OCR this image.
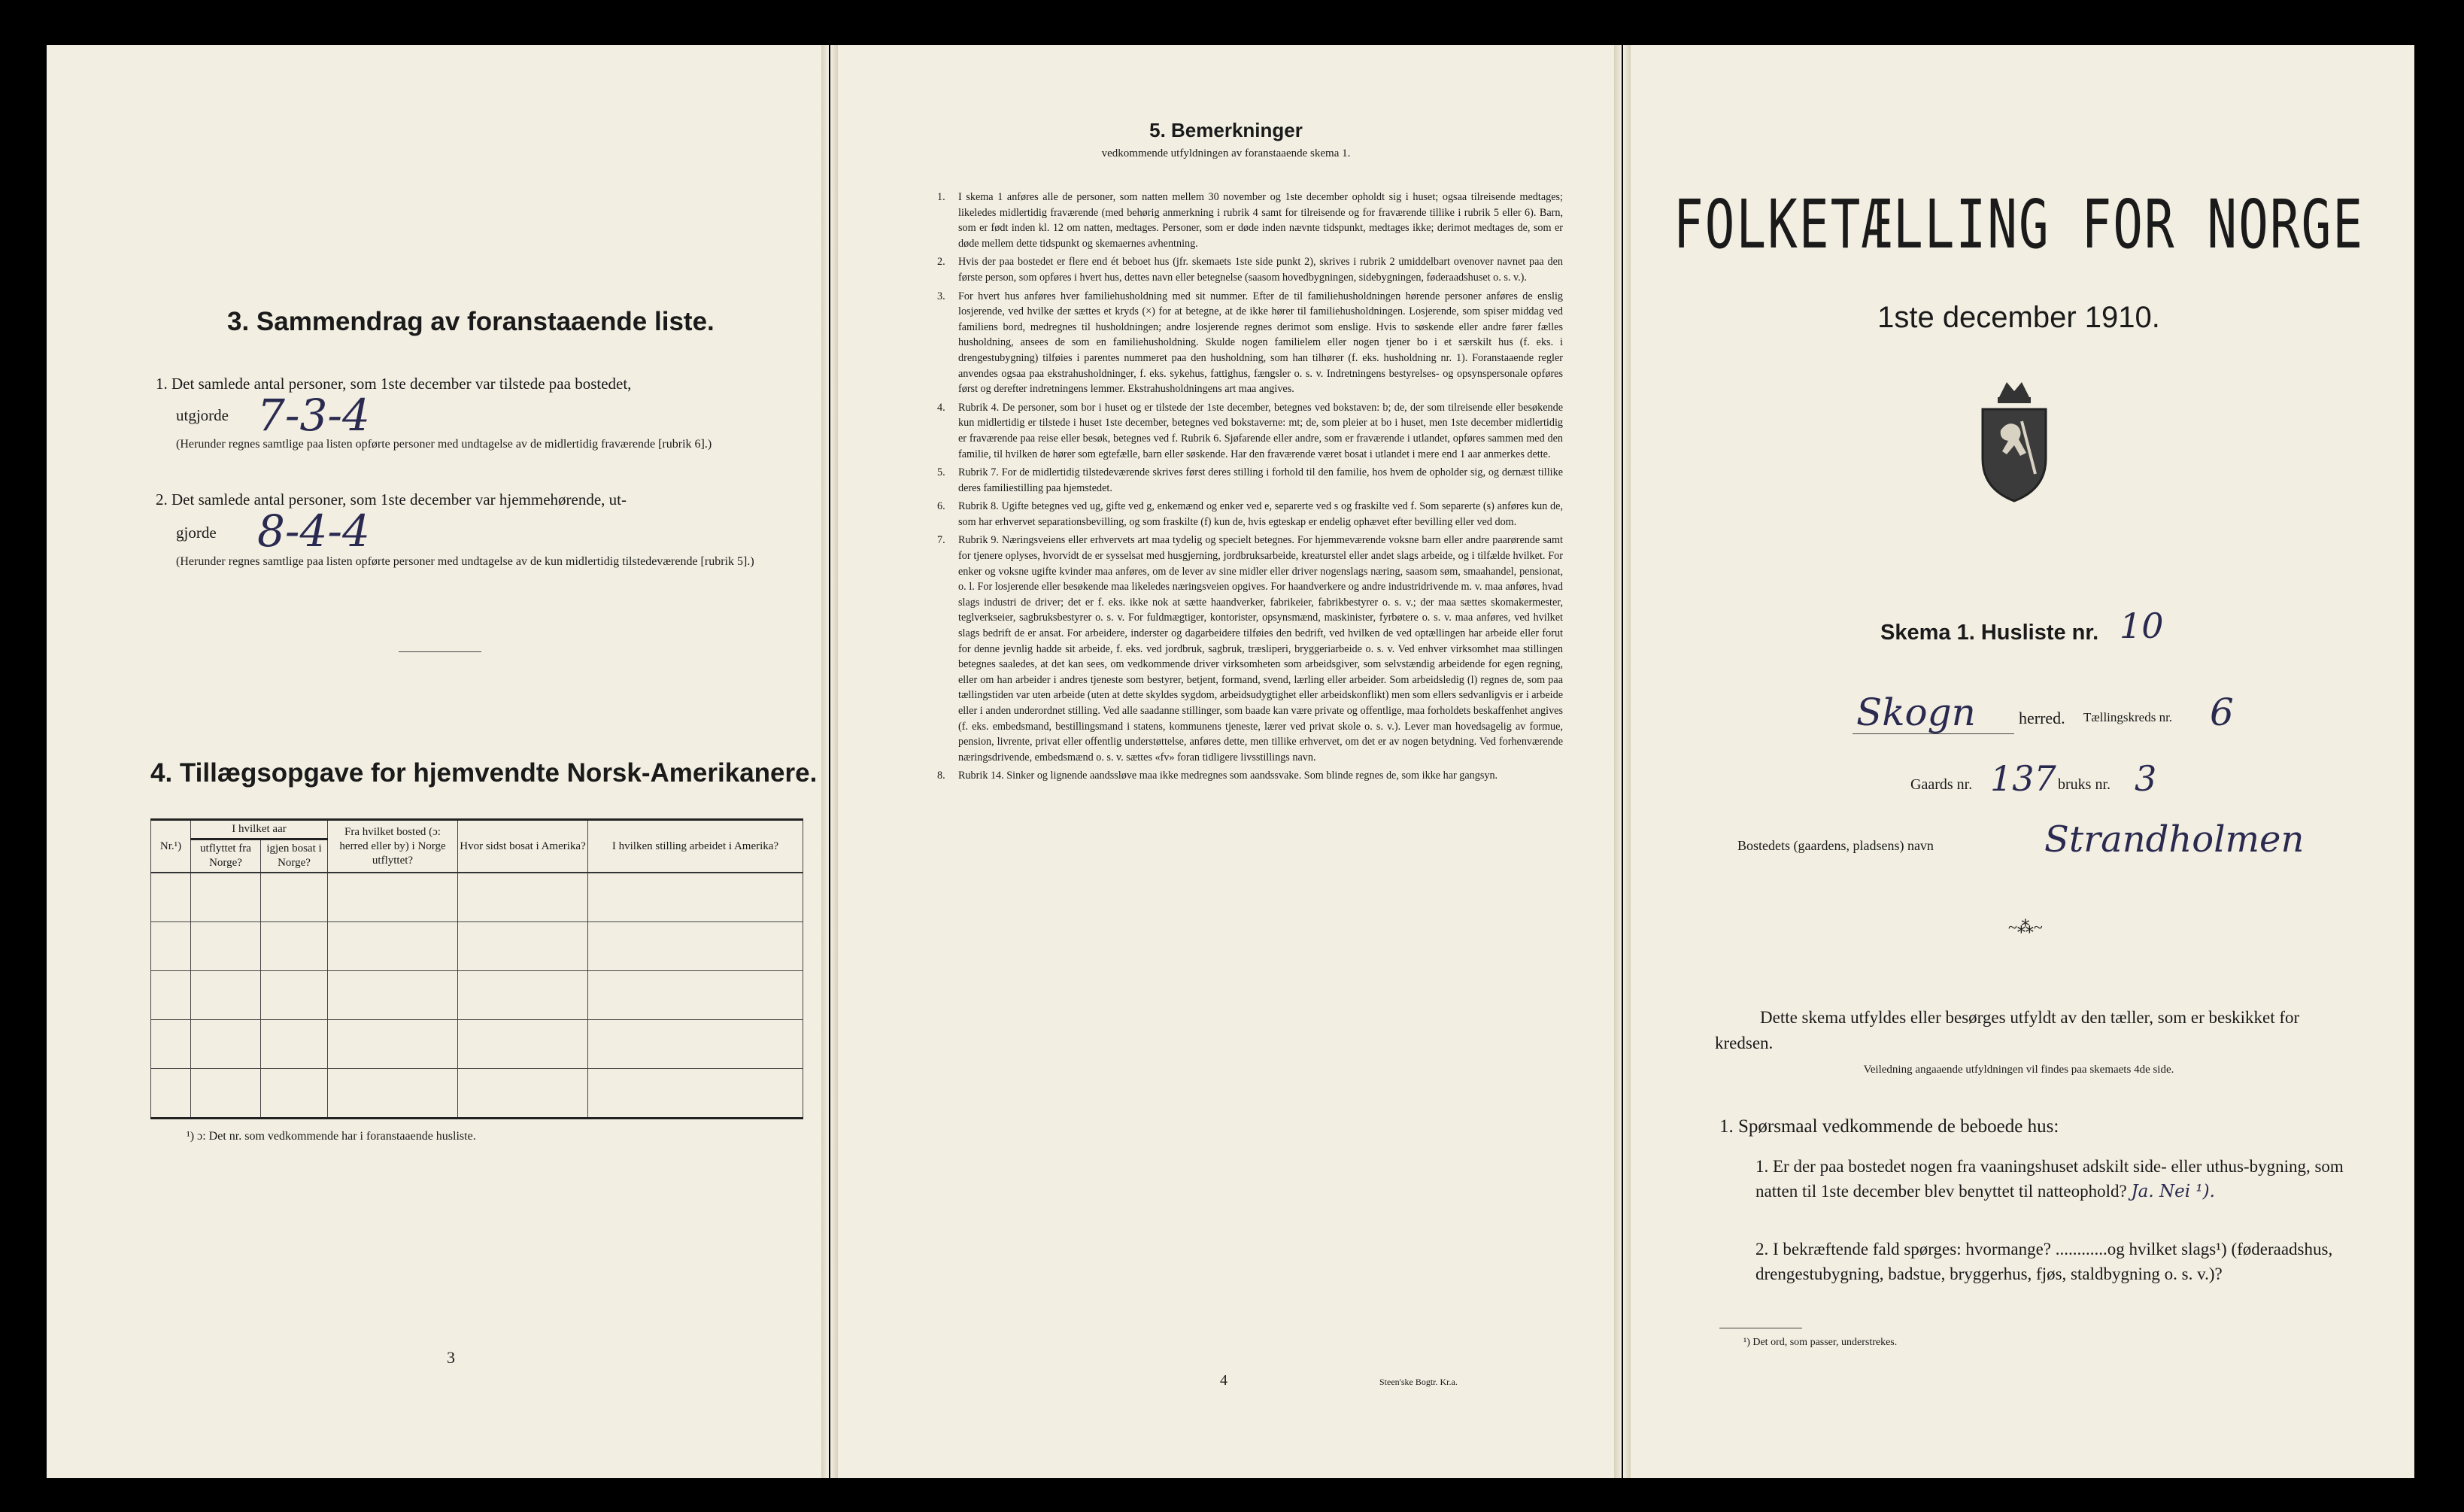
3. Sammendrag av foranstaaende liste.
1. Det samlede antal personer, som 1ste december var tilstede paa bostedet,
utgjorde 7-3-4
(Herunder regnes samtlige paa listen opførte personer med undtagelse av de midlertidig fraværende [rubrik 6].)
2. Det samlede antal personer, som 1ste december var hjemmehørende, ut-
gjorde 8-4-4
(Herunder regnes samtlige paa listen opførte personer med undtagelse av de kun midlertidig tilstedeværende [rubrik 5].)
4. Tillægsopgave for hjemvendte Norsk-Amerikanere.
Nr.¹)	I hvilket aar		Fra hvilket bosted (ɔ: herred eller by) i Norge utflyttet?	Hvor sidst bosat i Amerika?	I hvilken stilling arbeidet i Amerika?
	utflyttet fra Norge?	igjen bosat i Norge?			

¹) ɔ: Det nr. som vedkommende har i foranstaaende husliste.
3
5. Bemerkninger
vedkommende utfyldningen av foranstaaende skema 1.
1.	I skema 1 anføres alle de personer, som natten mellem 30 november og 1ste december opholdt sig i huset; ogsaa tilreisende medtages; likeledes midlertidig fraværende (med behørig anmerkning i rubrik 4 samt for tilreisende og for fraværende tillike i rubrik 5 eller 6). Barn, som er født inden kl. 12 om natten, medtages. Personer, som er døde inden nævnte tidspunkt, medtages ikke; derimot medtages de, som er døde mellem dette tidspunkt og skemaernes avhentning.
2.	Hvis der paa bostedet er flere end ét beboet hus (jfr. skemaets 1ste side punkt 2), skrives i rubrik 2 umiddelbart ovenover navnet paa den første person, som opføres i hvert hus, dettes navn eller betegnelse (saasom hovedbygningen, sidebygningen, føderaadshuset o. s. v.).
3.	For hvert hus anføres hver familiehusholdning med sit nummer. Efter de til familiehusholdningen hørende personer anføres de enslig losjerende, ved hvilke der sættes et kryds (×) for at betegne, at de ikke hører til familiehusholdningen. Losjerende, som spiser middag ved familiens bord, medregnes til husholdningen; andre losjerende regnes derimot som enslige. Hvis to søskende eller andre fører fælles husholdning, ansees de som en familiehusholdning. Skulde nogen familielem eller nogen tjener bo i et særskilt hus (f. eks. i drengestubygning) tilføies i parentes nummeret paa den husholdning, som han tilhører (f. eks. husholdning nr. 1). Foranstaaende regler anvendes ogsaa paa ekstrahusholdninger, f. eks. sykehus, fattighus, fængsler o. s. v. Indretningens bestyrelses- og opsynspersonale opføres først og derefter indretningens lemmer. Ekstrahusholdningens art maa angives.
4.	Rubrik 4. De personer, som bor i huset og er tilstede der 1ste december, betegnes ved bokstaven: b; de, der som tilreisende eller besøkende kun midlertidig er tilstede i huset 1ste december, betegnes ved bokstaverne: mt; de, som pleier at bo i huset, men 1ste december midlertidig er fraværende paa reise eller besøk, betegnes ved f. Rubrik 6. Sjøfarende eller andre, som er fraværende i utlandet, opføres sammen med den familie, til hvilken de hører som egtefælle, barn eller søskende. Har den fraværende været bosat i utlandet i mere end 1 aar anmerkes dette.
5.	Rubrik 7. For de midlertidig tilstedeværende skrives først deres stilling i forhold til den familie, hos hvem de opholder sig, og dernæst tillike deres familiestilling paa hjemstedet.
6.	Rubrik 8. Ugifte betegnes ved ug, gifte ved g, enkemænd og enker ved e, separerte ved s og fraskilte ved f. Som separerte (s) anføres kun de, som har erhvervet separationsbevilling, og som fraskilte (f) kun de, hvis egteskap er endelig ophævet efter bevilling eller ved dom.
7.	Rubrik 9. Næringsveiens eller erhvervets art maa tydelig og specielt betegnes. For hjemmeværende voksne barn eller andre paarørende samt for tjenere oplyses, hvorvidt de er sysselsat med husgjerning, jordbruksarbeide, kreaturstel eller andet slags arbeide, og i tilfælde hvilket. For enker og voksne ugifte kvinder maa anføres, om de lever av sine midler eller driver nogenslags næring, saasom søm, smaahandel, pensionat, o. l. For losjerende eller besøkende maa likeledes næringsveien opgives. For haandverkere og andre industridrivende m. v. maa anføres, hvad slags industri de driver; det er f. eks. ikke nok at sætte haandverker, fabrikeier, fabrikbestyrer o. s. v.; der maa sættes skomakermester, teglverkseier, sagbruksbestyrer o. s. v. For fuldmægtiger, kontorister, opsynsmænd, maskinister, fyrbøtere o. s. v. maa anføres, ved hvilket slags bedrift de er ansat. For arbeidere, inderster og dagarbeidere tilføies den bedrift, ved hvilken de ved optællingen har arbeide eller forut for denne jevnlig hadde sit arbeide, f. eks. ved jordbruk, sagbruk, træsliperi, bryggeriarbeide o. s. v. Ved enhver virksomhet maa stillingen betegnes saaledes, at det kan sees, om vedkommende driver virksomheten som arbeidsgiver, som selvstændig arbeidende for egen regning, eller om han arbeider i andres tjeneste som bestyrer, betjent, formand, svend, lærling eller arbeider. Som arbeidsledig (l) regnes de, som paa tællingstiden var uten arbeide (uten at dette skyldes sygdom, arbeidsudygtighet eller arbeidskonflikt) men som ellers sedvanligvis er i arbeide eller i anden underordnet stilling. Ved alle saadanne stillinger, som baade kan være private og offentlige, maa forholdets beskaffenhet angives (f. eks. embedsmand, bestillingsmand i statens, kommunens tjeneste, lærer ved privat skole o. s. v.). Lever man hovedsagelig av formue, pension, livrente, privat eller offentlig understøttelse, anføres dette, men tillike erhvervet, om det er av nogen betydning. Ved forhenværende næringsdrivende, embedsmænd o. s. v. sættes «fv» foran tidligere livsstillings navn.
8.	Rubrik 14. Sinker og lignende aandssløve maa ikke medregnes som aandssvake. Som blinde regnes de, som ikke har gangsyn.
4	Steen'ske Bogtr. Kr.a.
FOLKETÆLLING FOR NORGE
1ste december 1910.
Skema 1. Husliste nr. 10
Skogn	herred. Tællingskreds nr. 6
Gaards nr. 137 bruks nr. 3
Bostedets (gaardens, pladsens) navn	Strandholmen
~⁂~
Dette skema utfyldes eller besørges utfyldt av den tæller, som er beskikket for kredsen.
Veiledning angaaende utfyldningen vil findes paa skemaets 4de side.
1. Spørsmaal vedkommende de beboede hus:
1. Er der paa bostedet nogen fra vaaningshuset adskilt side- eller uthus-bygning, som natten til 1ste december blev benyttet til natteophold? Ja. Nei ¹).
2. I bekræftende fald spørges: hvormange? ............og hvilket slags¹) (føderaadshus, drengestubygning, badstue, bryggerhus, fjøs, staldbygning o. s. v.)?
¹) Det ord, som passer, understrekes.
